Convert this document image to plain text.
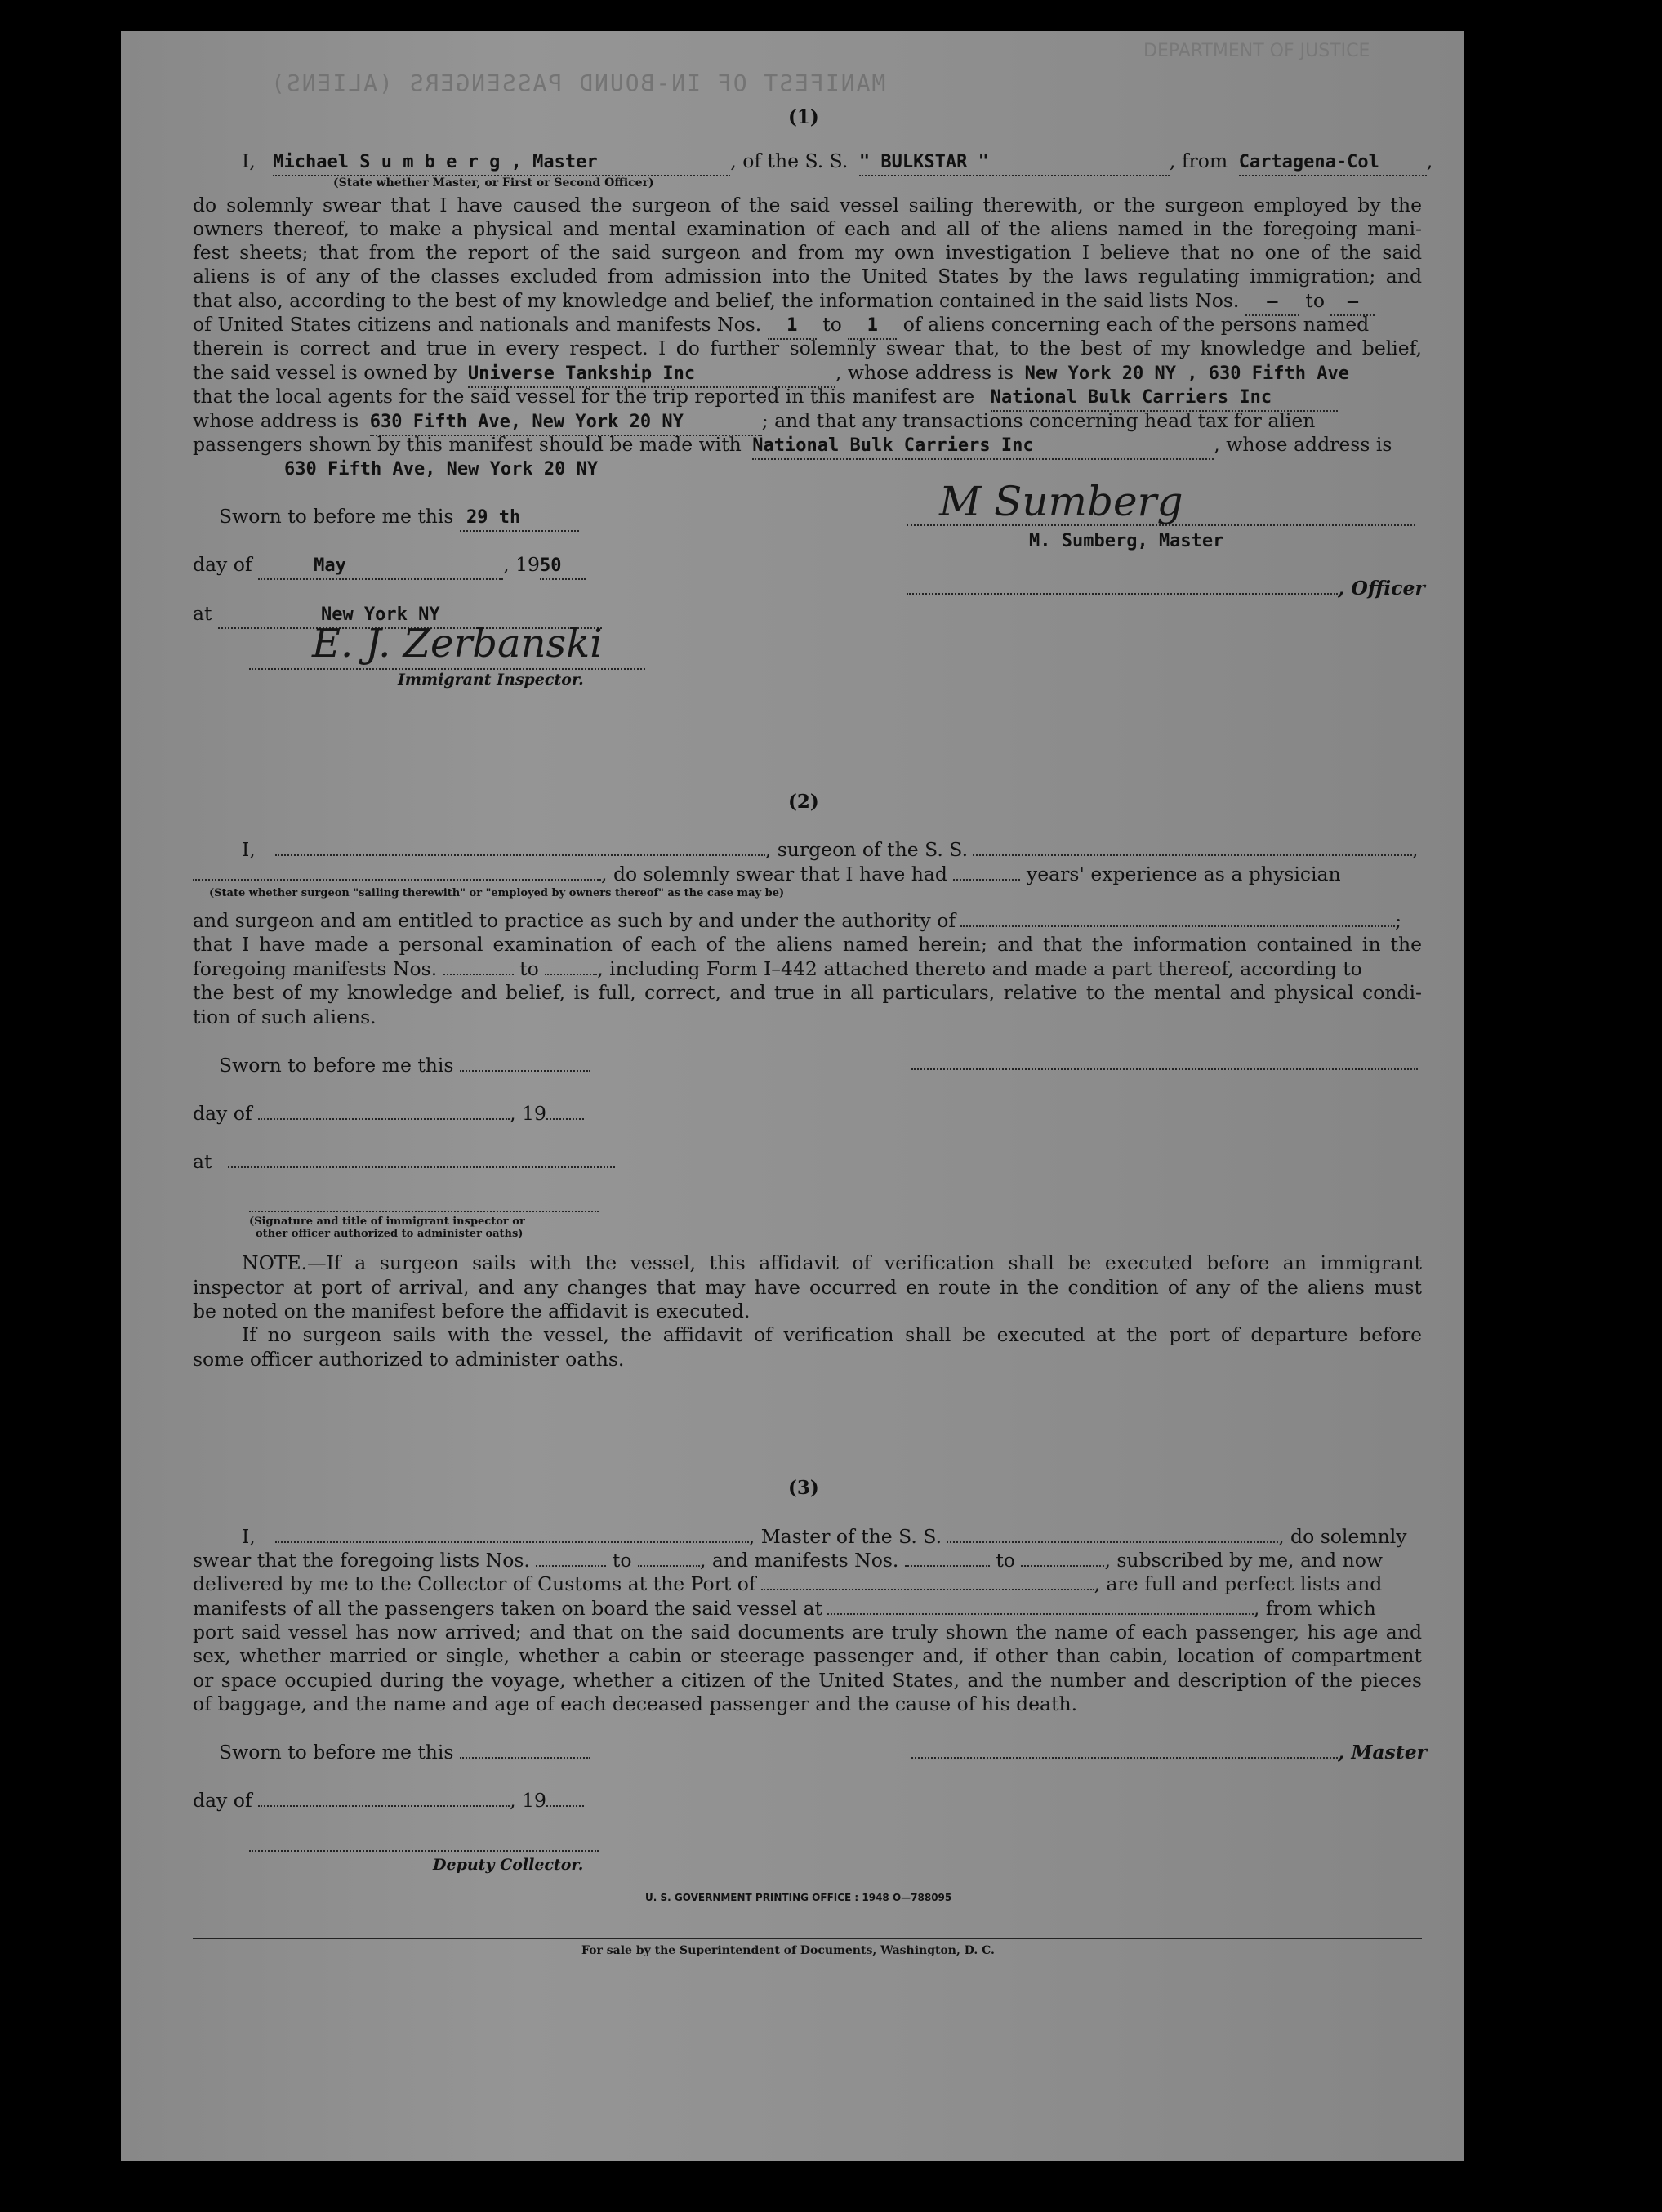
MANIFEST OF IN-BOUND PASSENGERS (ALIENS)
DEPARTMENT OF JUSTICE
(1)
I, Michael S u m b e r g , Master	, of the S. S. " BULKSTAR "	, from Cartagena-Col ,
(State whether Master, or First or Second Officer)
do solemnly swear that I have caused the surgeon of the said vessel sailing therewith, or the surgeon employed by the
owners thereof, to make a physical and mental examination of each and all of the aliens named in the foregoing mani-
fest sheets; that from the report of the said surgeon and from my own investigation I believe that no one of the said
aliens is of any of the classes excluded from admission into the United States by the laws regulating immigration; and
that also, according to the best of my knowledge and belief, the information contained in the said lists Nos. — to —
of United States citizens and nationals and manifests Nos. 1 to 1 of aliens concerning each of the persons named
therein is correct and true in every respect. I do further solemnly swear that, to the best of my knowledge and belief,
the said vessel is owned by Universe Tankship Inc	, whose address is New York 20 NY , 630 Fifth Ave
that the local agents for the said vessel for the trip reported in this manifest are National Bulk Carriers Inc
whose address is 630 Fifth Ave, New York 20 NY	; and that any transactions concerning head tax for alien
passengers shown by this manifest should be made with National Bulk Carriers Inc	, whose address is
630 Fifth Ave, New York 20 NY
Sworn to before me this 29 th
day of	May	, 1950
at	New York NY
M Sumberg
M. Sumberg, Master
, Officer
E. J. Zerbanski
Immigrant Inspector.
(2)
I,	, surgeon of the S. S.	,
, do solemnly swear that I have had	years' experience as a physician
(State whether surgeon "sailing therewith" or "employed by owners thereof" as the case may be)
and surgeon and am entitled to practice as such by and under the authority of	;
that I have made a personal examination of each of the aliens named herein; and that the information contained in the
foregoing manifests Nos.	to	, including Form I–442 attached thereto and made a part thereof, according to
the best of my knowledge and belief, is full, correct, and true in all particulars, relative to the mental and physical condi-
tion of such aliens.
Sworn to before me this
day of	, 19
at
(Signature and title of immigrant inspector or
other officer authorized to administer oaths)
NOTE.—If a surgeon sails with the vessel, this affidavit of verification shall be executed before an immigrant
inspector at port of arrival, and any changes that may have occurred en route in the condition of any of the aliens must
be noted on the manifest before the affidavit is executed.
If no surgeon sails with the vessel, the affidavit of verification shall be executed at the port of departure before
some officer authorized to administer oaths.
(3)
I,	, Master of the S. S.	, do solemnly
swear that the foregoing lists Nos.	to	, and manifests Nos.	to	, subscribed by me, and now
delivered by me to the Collector of Customs at the Port of	, are full and perfect lists and
manifests of all the passengers taken on board the said vessel at	, from which
port said vessel has now arrived; and that on the said documents are truly shown the name of each passenger, his age and
sex, whether married or single, whether a cabin or steerage passenger and, if other than cabin, location of compartment
or space occupied during the voyage, whether a citizen of the United States, and the number and description of the pieces
of baggage, and the name and age of each deceased passenger and the cause of his death.
Sworn to before me this	, Master
day of	, 19
Deputy Collector.
U. S. GOVERNMENT PRINTING OFFICE : 1948 O—788095
For sale by the Superintendent of Documents, Washington, D. C.
